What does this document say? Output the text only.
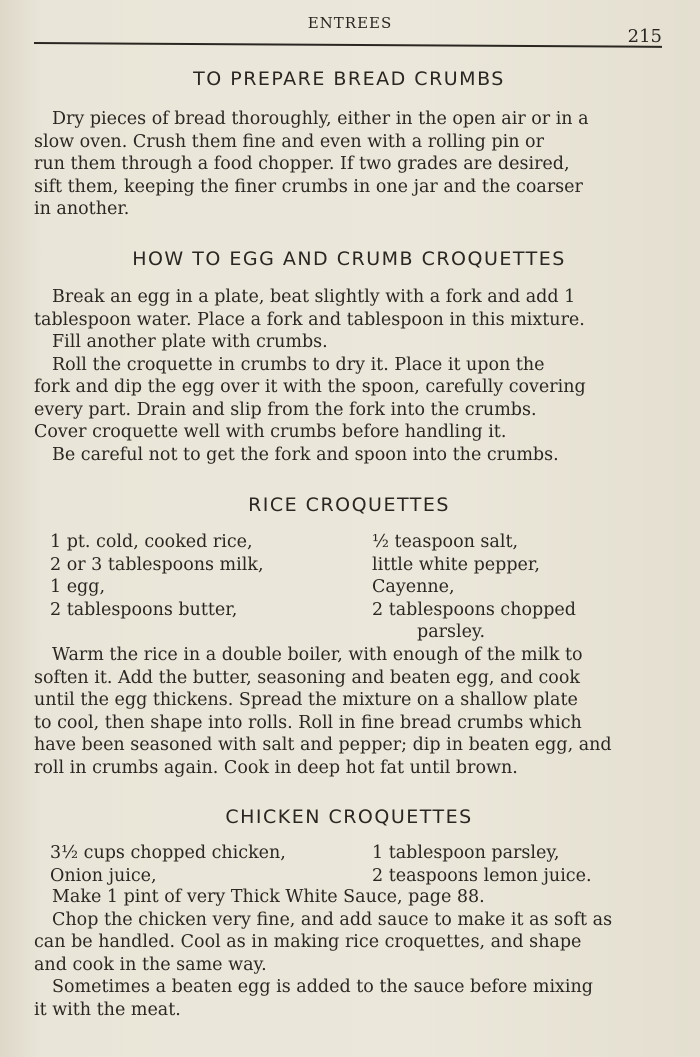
ENTREES
215
TO PREPARE BREAD CRUMBS
Dry pieces of bread thoroughly, either in the open air or in a
slow oven. Crush them fine and even with a rolling pin or
run them through a food chopper. If two grades are desired,
sift them, keeping the finer crumbs in one jar and the coarser
in another.
HOW TO EGG AND CRUMB CROQUETTES
Break an egg in a plate, beat slightly with a fork and add 1
tablespoon water. Place a fork and tablespoon in this mixture.
Fill another plate with crumbs.
Roll the croquette in crumbs to dry it. Place it upon the
fork and dip the egg over it with the spoon, carefully covering
every part. Drain and slip from the fork into the crumbs.
Cover croquette well with crumbs before handling it.
Be careful not to get the fork and spoon into the crumbs.
RICE CROQUETTES
1 pt. cold, cooked rice,
2 or 3 tablespoons milk,
1 egg,
2 tablespoons butter,
½ teaspoon salt,
little white pepper,
Cayenne,
2 tablespoons chopped
parsley.
Warm the rice in a double boiler, with enough of the milk to
soften it. Add the butter, seasoning and beaten egg, and cook
until the egg thickens. Spread the mixture on a shallow plate
to cool, then shape into rolls. Roll in fine bread crumbs which
have been seasoned with salt and pepper; dip in beaten egg, and
roll in crumbs again. Cook in deep hot fat until brown.
CHICKEN CROQUETTES
3½ cups chopped chicken,
Onion juice,
1 tablespoon parsley,
2 teaspoons lemon juice.
Make 1 pint of very Thick White Sauce, page 88.
Chop the chicken very fine, and add sauce to make it as soft as
can be handled. Cool as in making rice croquettes, and shape
and cook in the same way.
Sometimes a beaten egg is added to the sauce before mixing
it with the meat.
